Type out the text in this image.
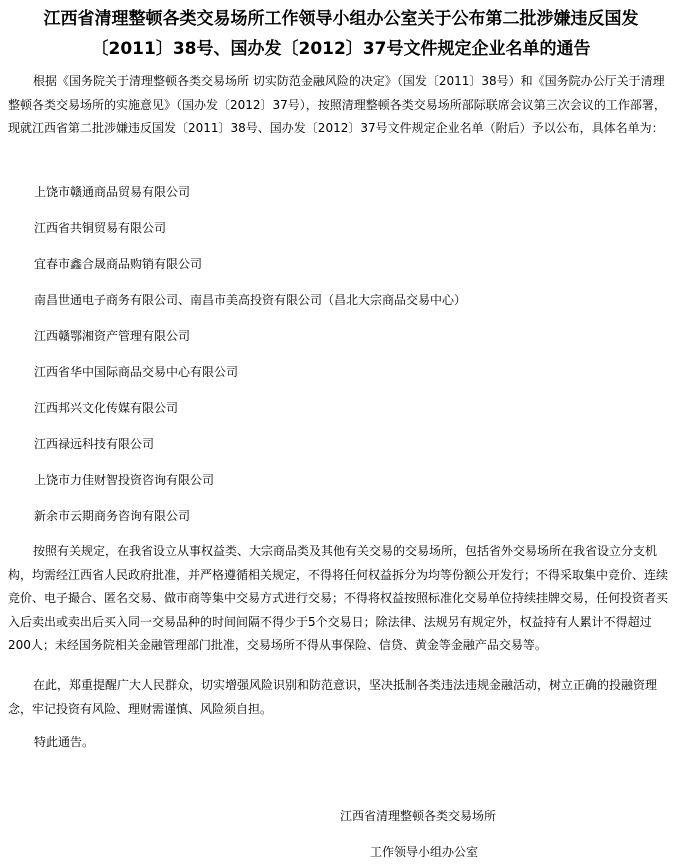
江西省清理整顿各类交易场所工作领导小组办公室关于公布第二批涉嫌违反国发〔2011〕38号、国办发〔2012〕37号文件规定企业名单的通告

根据《国务院关于清理整顿各类交易场所 切实防范金融风险的决定》（国发〔2011〕38号）和《国务院办公厅关于清理整顿各类交易场所的实施意见》（国办发〔2012〕37号），按照清理整顿各类交易场所部际联席会议第三次会议的工作部署，现就江西省第二批涉嫌违反国发〔2011〕38号、国办发〔2012〕37号文件规定企业名单（附后）予以公布，具体名单为：

上饶市赣通商品贸易有限公司

江西省共铜贸易有限公司

宜春市鑫合晟商品购销有限公司

南昌世通电子商务有限公司、南昌市美高投资有限公司（昌北大宗商品交易中心）

江西赣鄂湘资产管理有限公司

江西省华中国际商品交易中心有限公司

江西邦兴文化传媒有限公司

江西禄远科技有限公司

上饶市力佳财智投资咨询有限公司

新余市云期商务咨询有限公司

按照有关规定，在我省设立从事权益类、大宗商品类及其他有关交易的交易场所，包括省外交易场所在我省设立分支机构，均需经江西省人民政府批准，并严格遵循相关规定，不得将任何权益拆分为均等份额公开发行；不得采取集中竞价、连续竞价、电子撮合、匿名交易、做市商等集中交易方式进行交易；不得将权益按照标准化交易单位持续挂牌交易，任何投资者买入后卖出或卖出后买入同一交易品种的时间间隔不得少于5个交易日；除法律、法规另有规定外，权益持有人累计不得超过200人；未经国务院相关金融管理部门批准，交易场所不得从事保险、信贷、黄金等金融产品交易等。

在此，郑重提醒广大人民群众，切实增强风险识别和防范意识，坚决抵制各类违法违规金融活动，树立正确的投融资理念，牢记投资有风险、理财需谨慎、风险须自担。

特此通告。

江西省清理整顿各类交易场所

工作领导小组办公室
